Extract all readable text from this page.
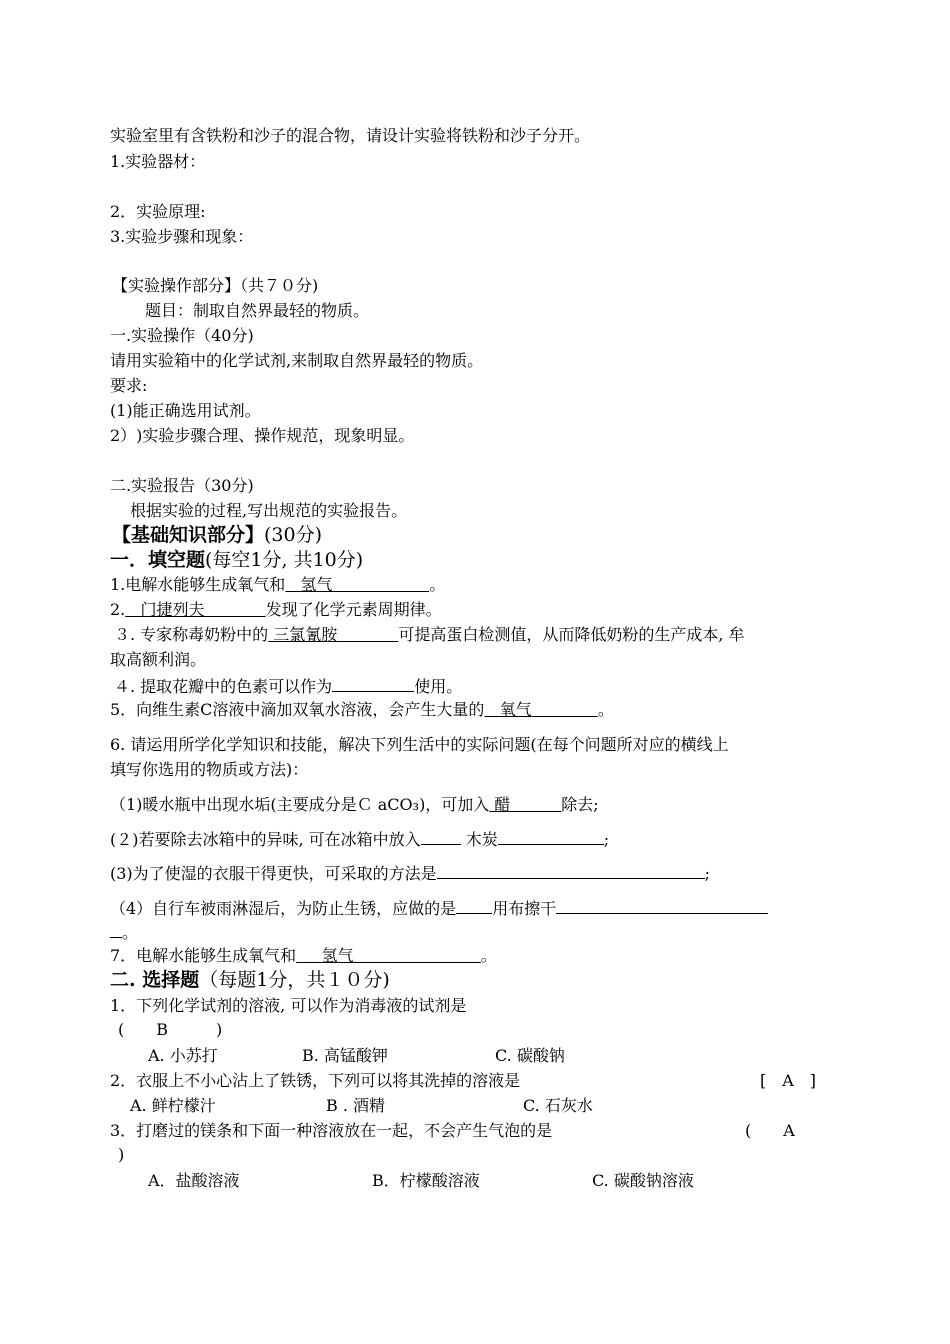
实验室里有含铁粉和沙子的混合物，请设计实验将铁粉和沙子分开。
1.实验器材：
2．实验原理:
3.实验步骤和现象：
【实验操作部分】（共７０分)
题目：制取自然界最轻的物质。
一.实验操作（40分)
﻿请用实验箱中的化学试剂,来制取自然界最轻的物质。
要求:
(1)﻿能正确选用试剂。
2）﻿)实验步骤合理、操作规范，现象明显。
二.实验报告（30分)
根据实验的过程,写出规范的实验报告。
【基础知识部分】(30分)
一．填空题(每空1分, 共10分)
1.电解水能够生成氧气和 氢气	。
2. 门捷列夫	发现了化学元素周期律。
３. 专家称毒奶粉中的 三氯氰胺	可提高蛋白检测值，从而降低奶粉的生产成本, 牟
取高额利润。
４. 提取花瓣中的色素可以作为	使用。
5．向维生素C溶液中滴加双氧水溶液，会产生大量的 氧气	。
6. 请运用所学化学知识和技能，解决下列生活中的实际问题(在每个问题所对应的横线上
填写你选用的物质或方法)：
（1)暖水瓶中出现水垢(主要成分是Ｃ aCO₃)，可加入 醋	除去;
(２)若要除去冰箱中的异味, 可在冰箱中放入	木炭	;
(3)为了使湿的衣服干得更快，可采取的方法是	;
（4）自行车被雨淋湿后，为防止生锈，应做的是 用布擦干
。
7．电解水能够生成氧气和 氢气	。
二. 选择题（每题1分，共１０分)
1．下列化学试剂的溶液, 可以作为消毒液的试剂是
(　　B　　　)
A. 小苏打	B. 高锰酸钾	C. 碳酸钠
2．衣服上不小心沾上了铁锈，下列可以将其洗掉的溶液是	[　A　]
A. 鲜柠檬汁	B . 酒精	C. 石灰水
3．打磨过的镁条和下面一种溶液放在一起，不会产生气泡的是	(　　A
)
A．盐酸溶液	B．柠檬酸溶液	C. 碳酸钠溶液
